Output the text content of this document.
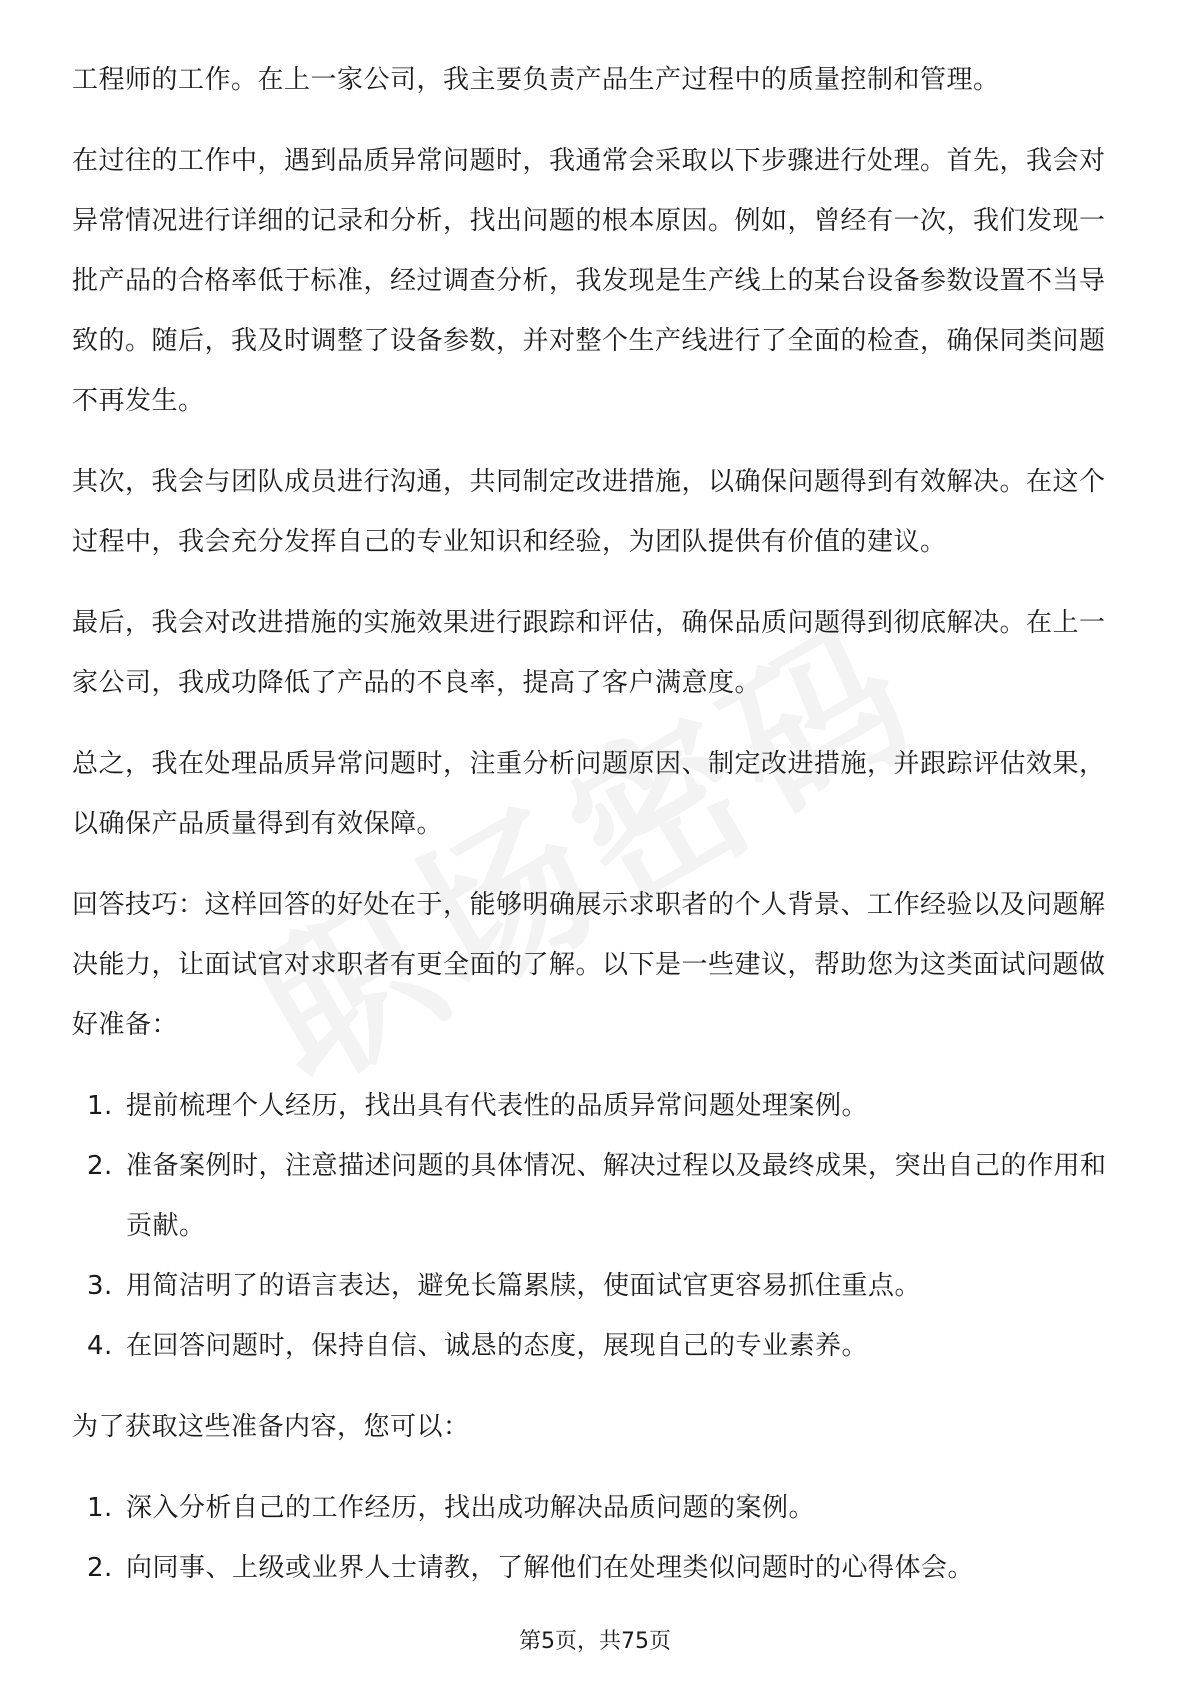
工程师的工作。在上一家公司，我主要负责产品生产过程中的质量控制和管理。

在过往的工作中，遇到品质异常问题时，我通常会采取以下步骤进行处理。首先，我会对异常情况进行详细的记录和分析，找出问题的根本原因。例如，曾经有一次，我们发现一批产品的合格率低于标准，经过调查分析，我发现是生产线上的某台设备参数设置不当导致的。随后，我及时调整了设备参数，并对整个生产线进行了全面的检查，确保同类问题不再发生。

其次，我会与团队成员进行沟通，共同制定改进措施，以确保问题得到有效解决。在这个过程中，我会充分发挥自己的专业知识和经验，为团队提供有价值的建议。

最后，我会对改进措施的实施效果进行跟踪和评估，确保品质问题得到彻底解决。在上一家公司，我成功降低了产品的不良率，提高了客户满意度。

总之，我在处理品质异常问题时，注重分析问题原因、制定改进措施，并跟踪评估效果，以确保产品质量得到有效保障。

回答技巧：这样回答的好处在于，能够明确展示求职者的个人背景、工作经验以及问题解决能力，让面试官对求职者有更全面的了解。以下是一些建议，帮助您为这类面试问题做好准备：

1. 提前梳理个人经历，找出具有代表性的品质异常问题处理案例。
2. 准备案例时，注意描述问题的具体情况、解决过程以及最终成果，突出自己的作用和贡献。
3. 用简洁明了的语言表达，避免长篇累牍，使面试官更容易抓住重点。
4. 在回答问题时，保持自信、诚恳的态度，展现自己的专业素养。

为了获取这些准备内容，您可以：

1. 深入分析自己的工作经历，找出成功解决品质问题的案例。
2. 向同事、上级或业界人士请教，了解他们在处理类似问题时的心得体会。
第5页，共75页
